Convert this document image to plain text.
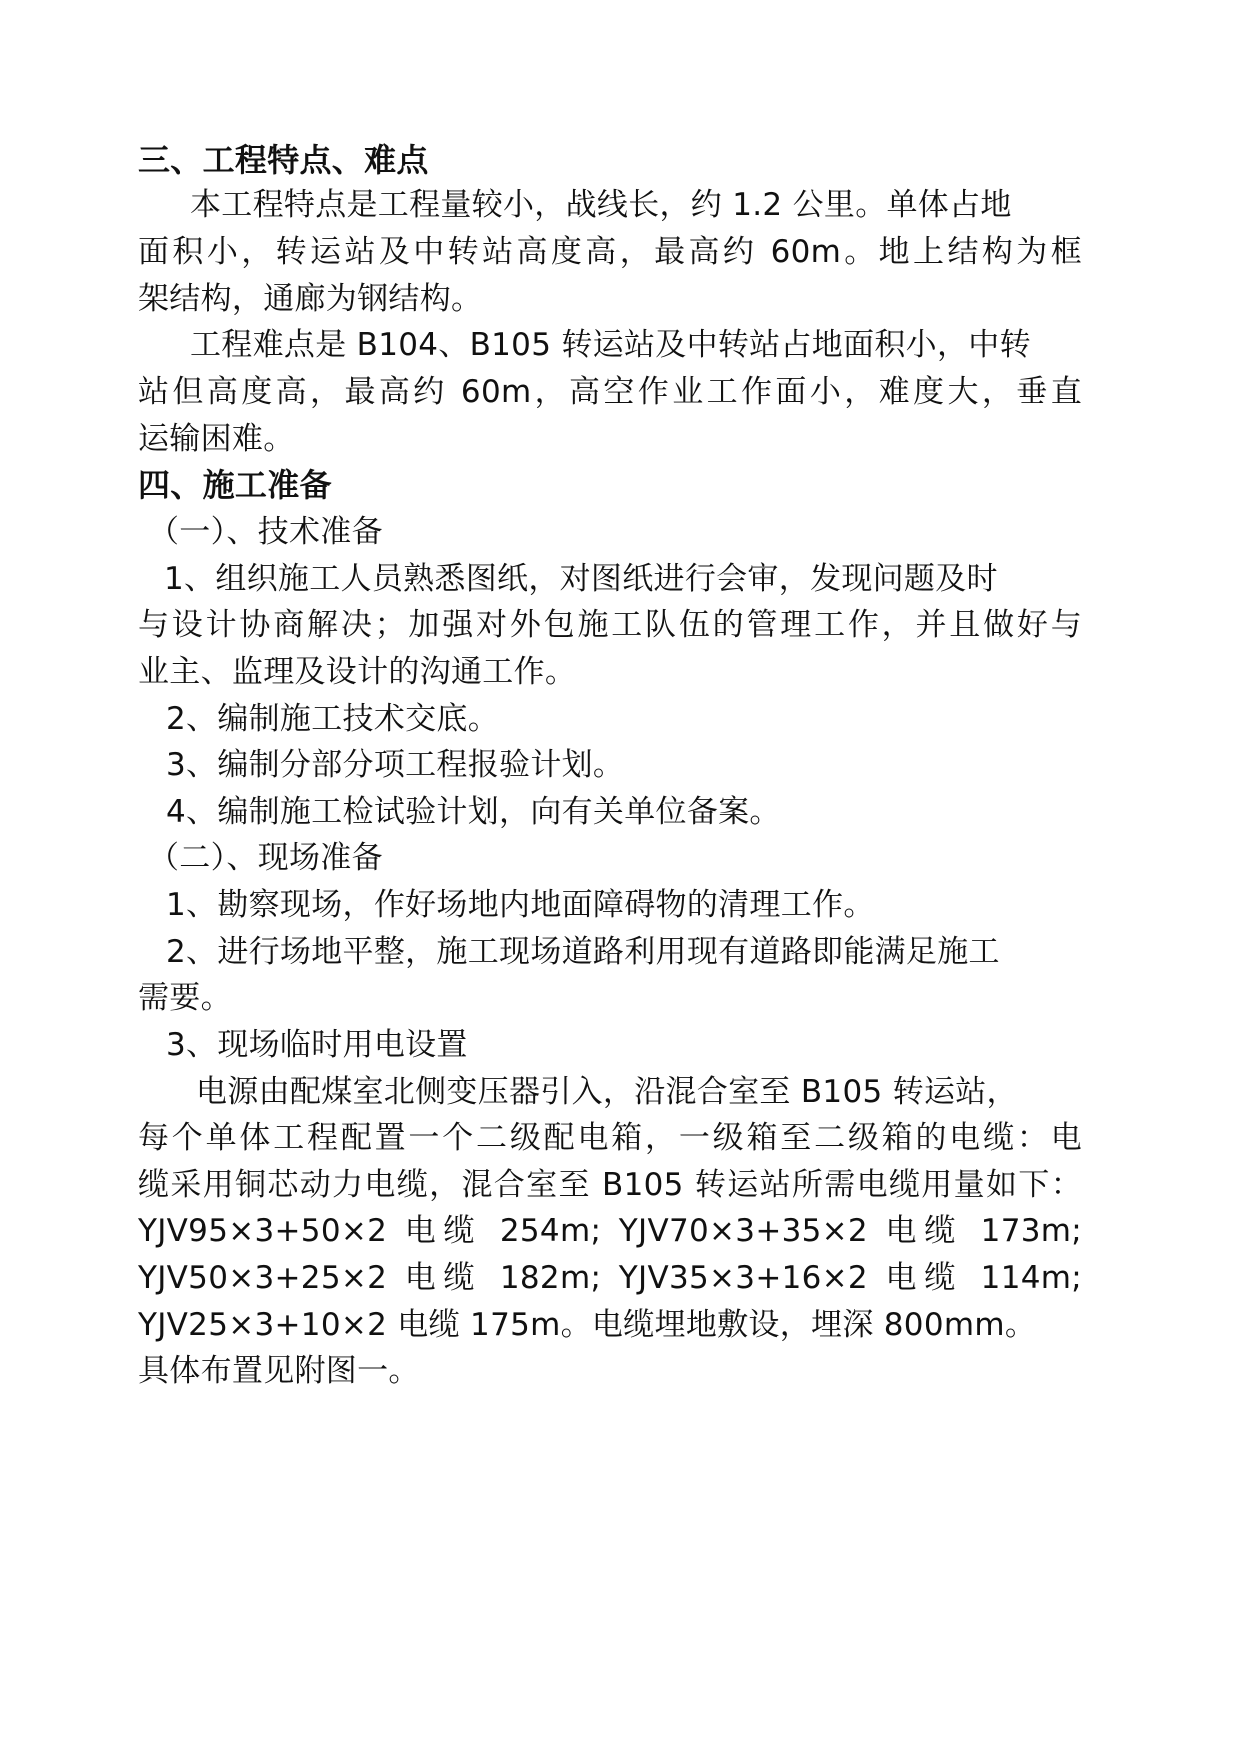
三、工程特点、难点
本工程特点是工程量较小，战线长，约 1.2 公里。单体占地
面积小，转运站及中转站高度高，最高约 60m。地上结构为框
架结构，通廊为钢结构。
工程难点是 B104、B105 转运站及中转站占地面积小，中转
站但高度高，最高约 60m，高空作业工作面小，难度大，垂直
运输困难。
四、施工准备
（一）、技术准备
1、组织施工人员熟悉图纸，对图纸进行会审，发现问题及时
与设计协商解决；加强对外包施工队伍的管理工作，并且做好与
业主、监理及设计的沟通工作。
2、编制施工技术交底。
3、编制分部分项工程报验计划。
4、编制施工检试验计划，向有关单位备案。
（二）、现场准备
1、勘察现场，作好场地内地面障碍物的清理工作。
2、进行场地平整，施工现场道路利用现有道路即能满足施工
需要。
3、现场临时用电设置
电源由配煤室北侧变压器引入，沿混合室至 B105 转运站，
每个单体工程配置一个二级配电箱，一级箱至二级箱的电缆：电
缆采用铜芯动力电缆，混合室至 B105 转运站所需电缆用量如下：
YJV95×3+50×2 电缆 254m; YJV70×3+35×2 电缆 173m;
YJV50×3+25×2 电缆 182m; YJV35×3+16×2 电缆 114m;
YJV25×3+10×2 电缆 175m。电缆埋地敷设，埋深 800mm。
具体布置见附图一。
